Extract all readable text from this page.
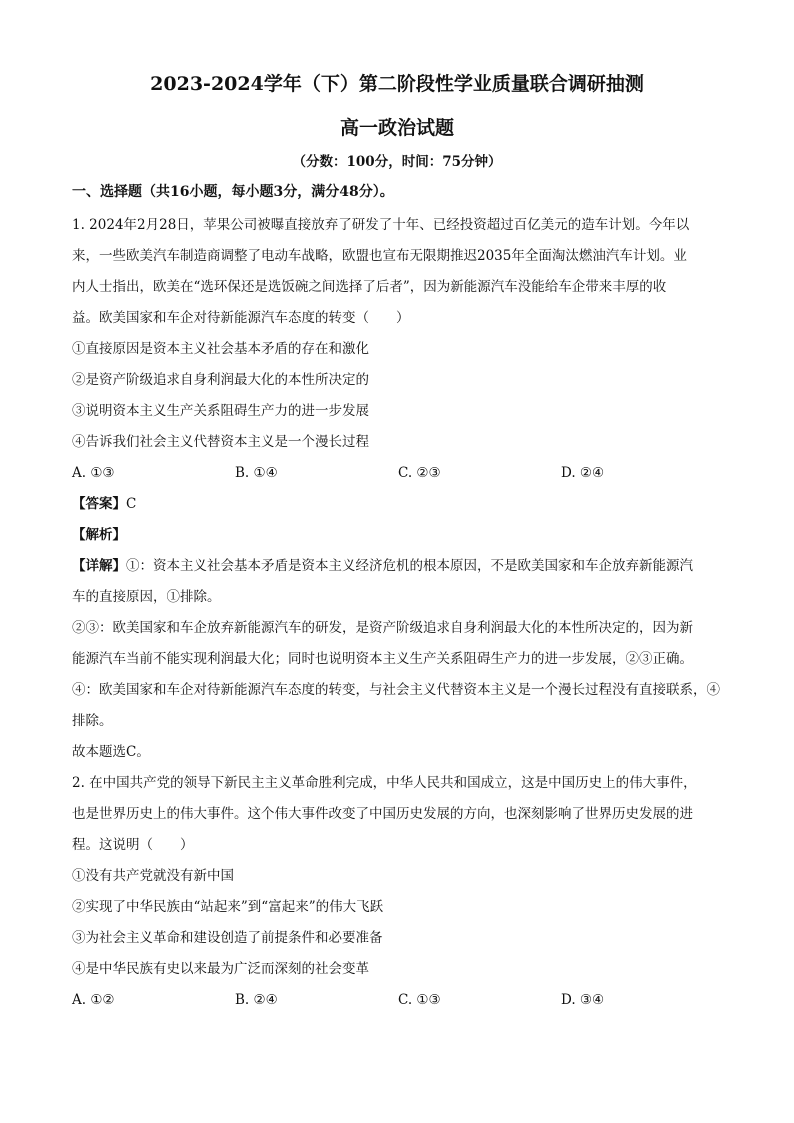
2023-2024学年（下）第二阶段性学业质量联合调研抽测
高一政治试题
（分数：100分，时间：75分钟）
一、选择题（共16小题，每小题3分，满分48分）。

1. 2024年2月28日，苹果公司被曝直接放弃了研发了十年、已经投资超过百亿美元的造车计划。今年以

来，一些欧美汽车制造商调整了电动车战略，欧盟也宣布无限期推迟2035年全面淘汰燃油汽车计划。业

内人士指出，欧美在“选环保还是选饭碗之间选择了后者”，因为新能源汽车没能给车企带来丰厚的收

益。欧美国家和车企对待新能源汽车态度的转变（　　）

①直接原因是资本主义社会基本矛盾的存在和激化

②是资产阶级追求自身利润最大化的本性所决定的

③说明资本主义生产关系阻碍生产力的进一步发展

④告诉我们社会主义代替资本主义是一个漫长过程

A. ①③	B. ①④	C. ②③	D. ②④

【答案】C

【解析】

【详解】①：资本主义社会基本矛盾是资本主义经济危机的根本原因，不是欧美国家和车企放弃新能源汽

车的直接原因，①排除。

②③：欧美国家和车企放弃新能源汽车的研发，是资产阶级追求自身利润最大化的本性所决定的，因为新

能源汽车当前不能实现利润最大化；同时也说明资本主义生产关系阻碍生产力的进一步发展，②③正确。

④：欧美国家和车企对待新能源汽车态度的转变，与社会主义代替资本主义是一个漫长过程没有直接联系，④

排除。

故本题选C。

2. 在中国共产党的领导下新民主主义革命胜利完成，中华人民共和国成立，这是中国历史上的伟大事件，

也是世界历史上的伟大事件。这个伟大事件改变了中国历史发展的方向，也深刻影响了世界历史发展的进

程。这说明（　　）

①没有共产党就没有新中国

②实现了中华民族由“站起来”到“富起来”的伟大飞跃

③为社会主义革命和建设创造了前提条件和必要准备

④是中华民族有史以来最为广泛而深刻的社会变革

A. ①②	B. ②④	C. ①③	D. ③④
